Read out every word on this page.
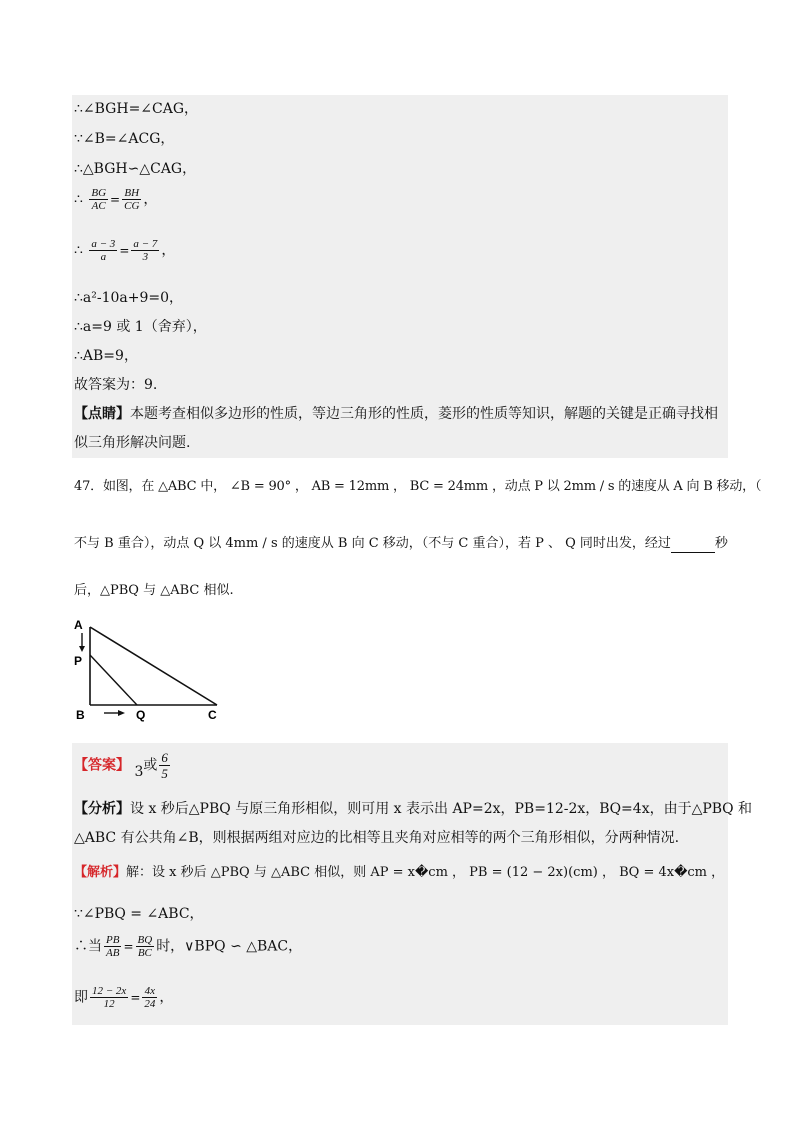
∴∠BGH=∠CAG，
∵∠B=∠ACG，
∴△BGH∽△CAG，
∴ $\frac{BG}{AC} = \frac{BH}{CG}$ ，
∴ $\frac{a - 3}{a} = \frac{a - 7}{3}$ ，
∴a²-10a+9=0，
∴a=9 或 1（舍弃），
∴AB=9，
故答案为：9.
【点睛】本题考查相似多边形的性质，等边三角形的性质，菱形的性质等知识，解题的关键是正确寻找相
似三角形解决问题.
47．如图，在 △ABC 中， ∠B = 90° ， AB = 12mm ， BC = 24mm ，动点 P 以 2mm / s 的速度从 A 向 B 移动，（
不与 B 重合），动点 Q 以 4mm / s 的速度从 B 向 C 移动，（不与 C 重合），若 P 、 Q 同时出发，经过	秒
后，△PBQ 与 △ABC 相似.
A
P
B	Q	C
【答案】 3或 $\frac{6}{5}$
【分析】设 x 秒后△PBQ 与原三角形相似，则可用 x 表示出 AP=2x，PB=12-2x，BQ=4x，由于△PBQ 和
△ABC 有公共角∠B，则根据两组对应边的比相等且夹角对应相等的两个三角形相似，分两种情况.
【解析】解：设 x 秒后 △PBQ 与 △ABC 相似，则 AP = x�cm ， PB = (12 − 2x)(cm) ， BQ = 4x�cm ，
∵∠PBQ = ∠ABC，
∴当 $\frac{PB}{AB} = \frac{BQ}{BC}$ 时，∨BPQ ∽ △BAC，
即 $\frac{12 - 2x}{12} = \frac{4x}{24}$ ，
